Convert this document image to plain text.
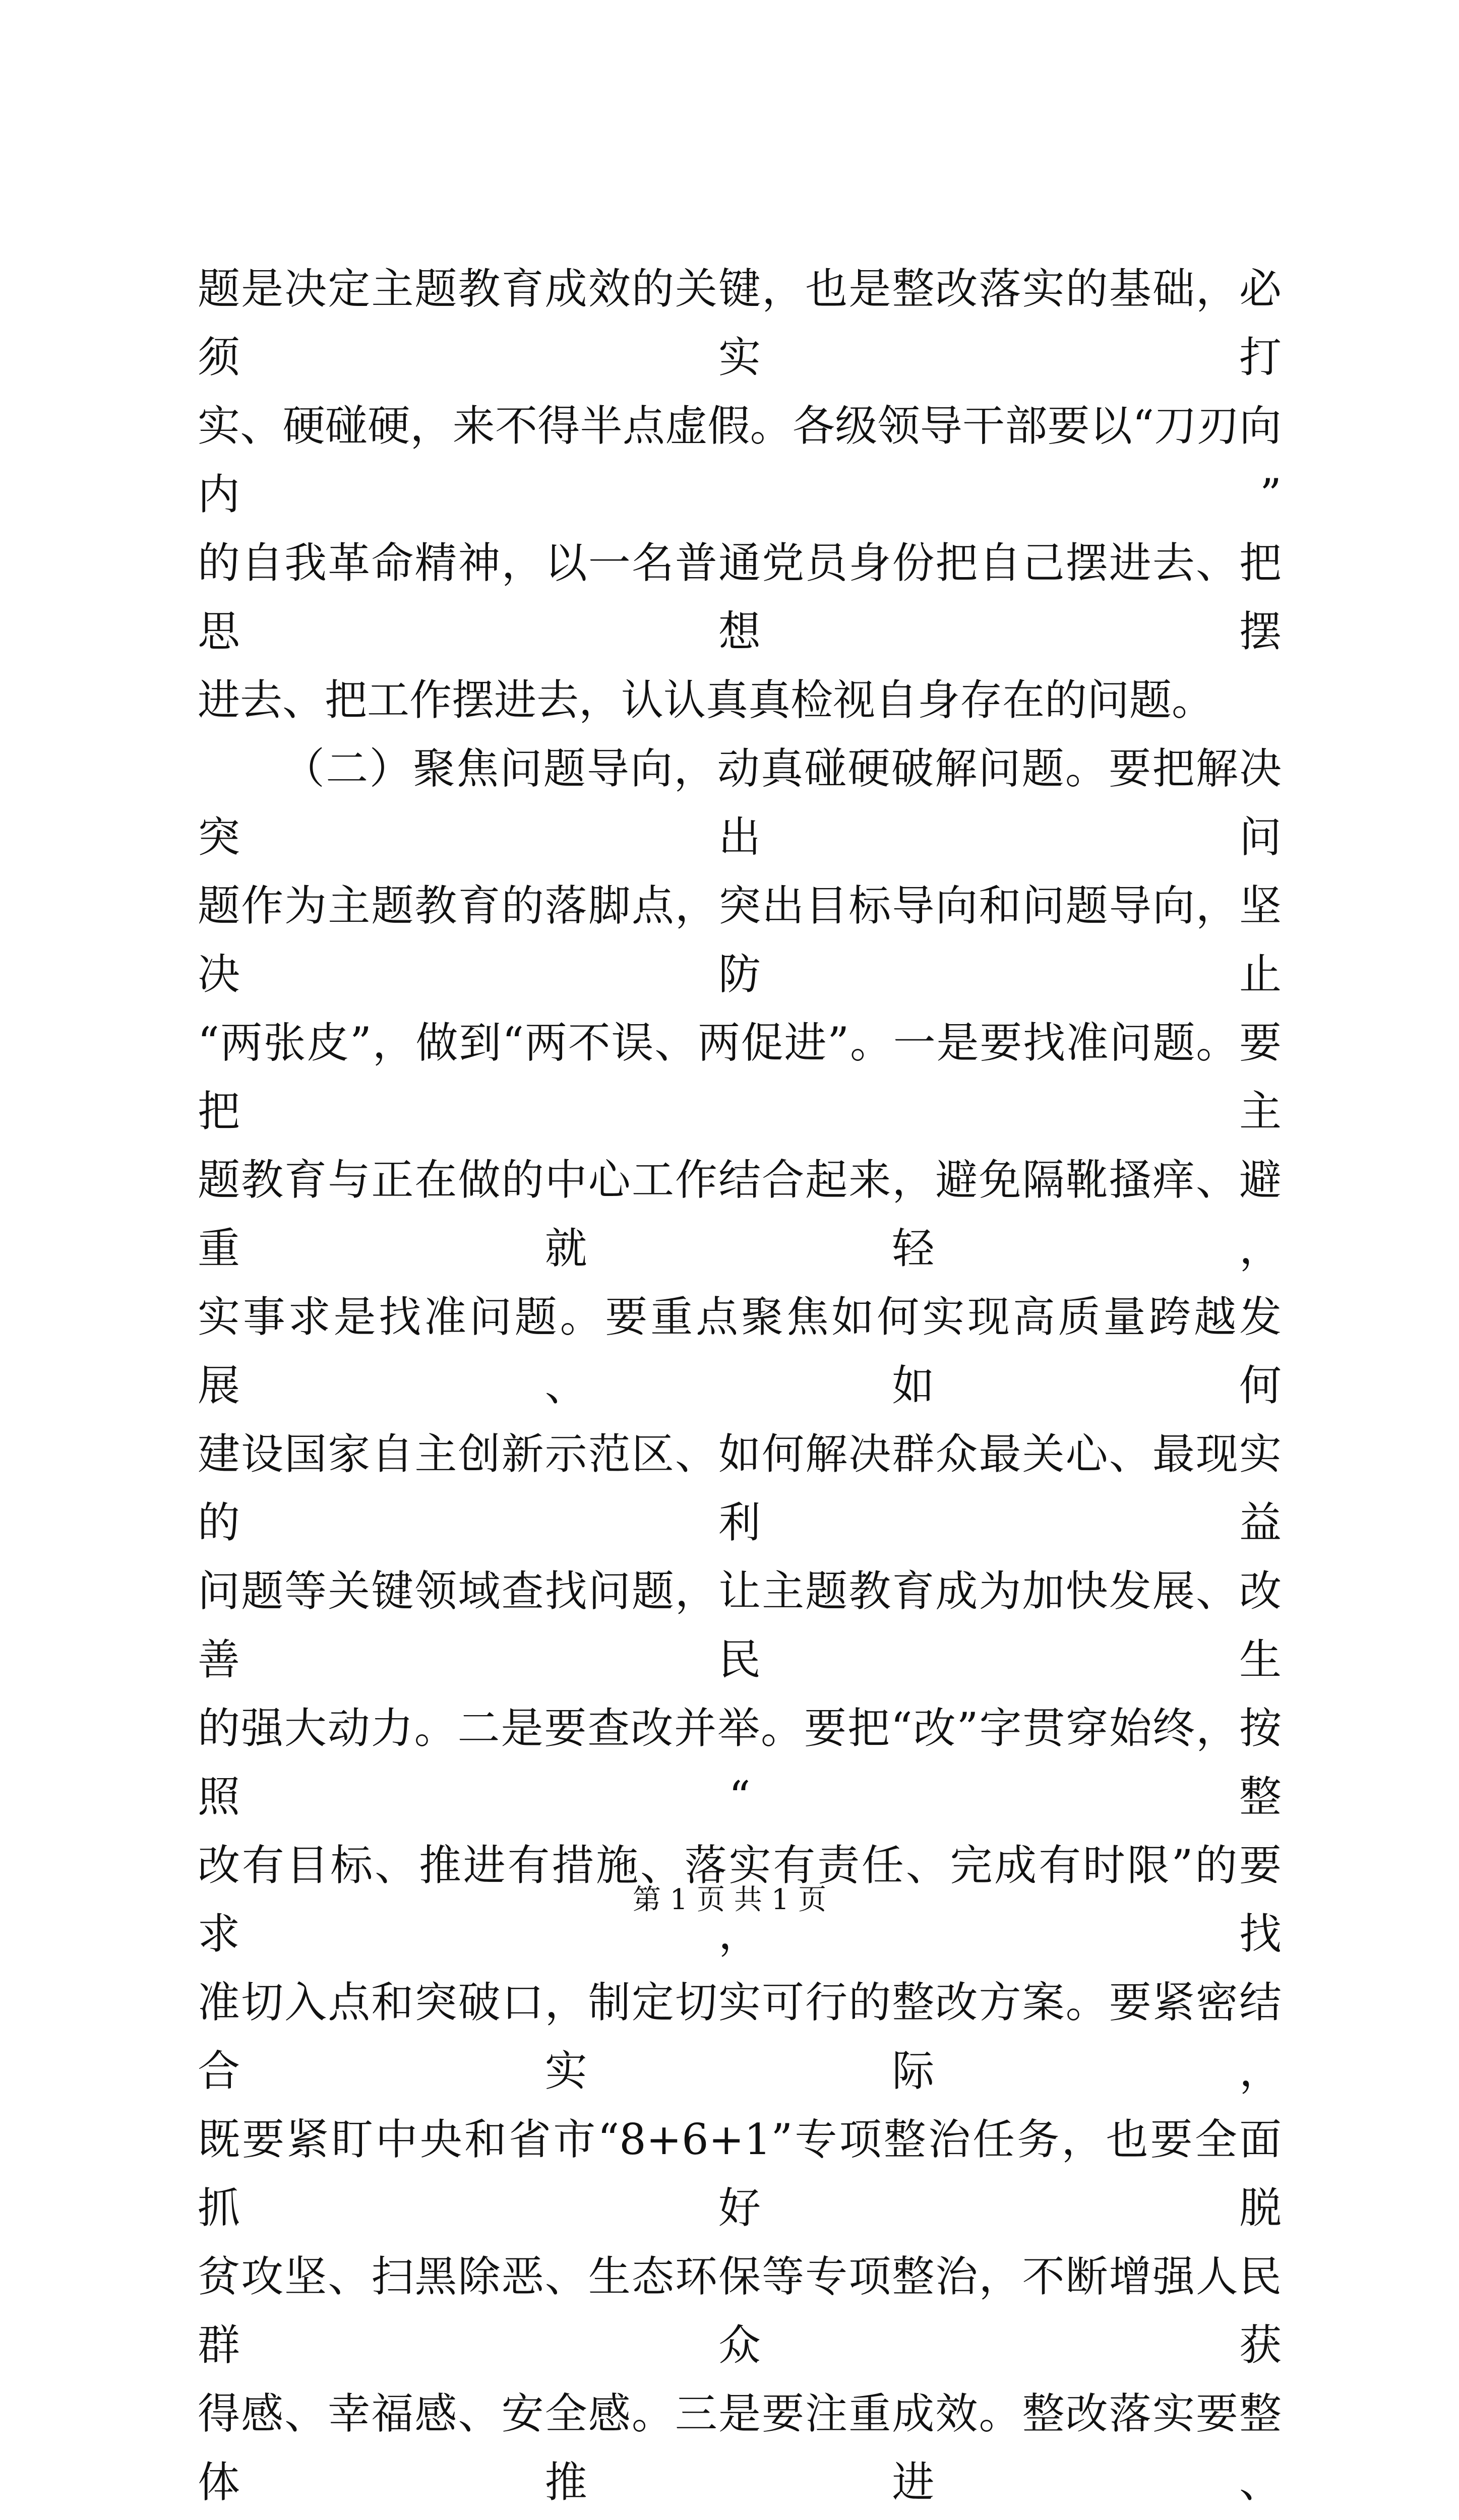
题是决定主题教育成效的关键，也是整改落实的基础，必须实打

实、硬碰硬，来不得半点虚假。各级领导干部要以“刀刃向内”

的自我革命精神，以一名普通党员身份把自己摆进去、把思想摆

进去、把工作摆进去，认认真真检视自身存在的问题。

（二）聚焦问题导向，动真碰硬破解问题。要把解决突出问

题作为主题教育的落脚点，突出目标导向和问题导向，坚决防止

“两张皮”，做到“两不误、两促进”。一是要找准问题。要把主

题教育与正在做的中心工作结合起来，避免隔靴搔痒、避重就轻，

实事求是找准问题。要重点聚焦如何实现高质量跨越发展、如何

建设国家自主创新示范区、如何解决群众最关心、最现实的利益

问题等关键领域查找问题，让主题教育成为加快发展、改善民生

的强大动力。二是要查改并举。要把“改”字贯穿始终，按照“整

改有目标、推进有措施、落实有责任、完成有时限”的要求，找

准切入点和突破口，制定切实可行的整改方案。要紧密结合实际，

既要紧盯中央和省市“8+6+1”专项整治任务，也要全面抓好脱

贫攻坚、扫黑除恶、生态环保等专项整治，不断增强人民群众获

得感、幸福感、安全感。三是要注重成效。整改落实要整体推进、

第 1 页 共 1 页
